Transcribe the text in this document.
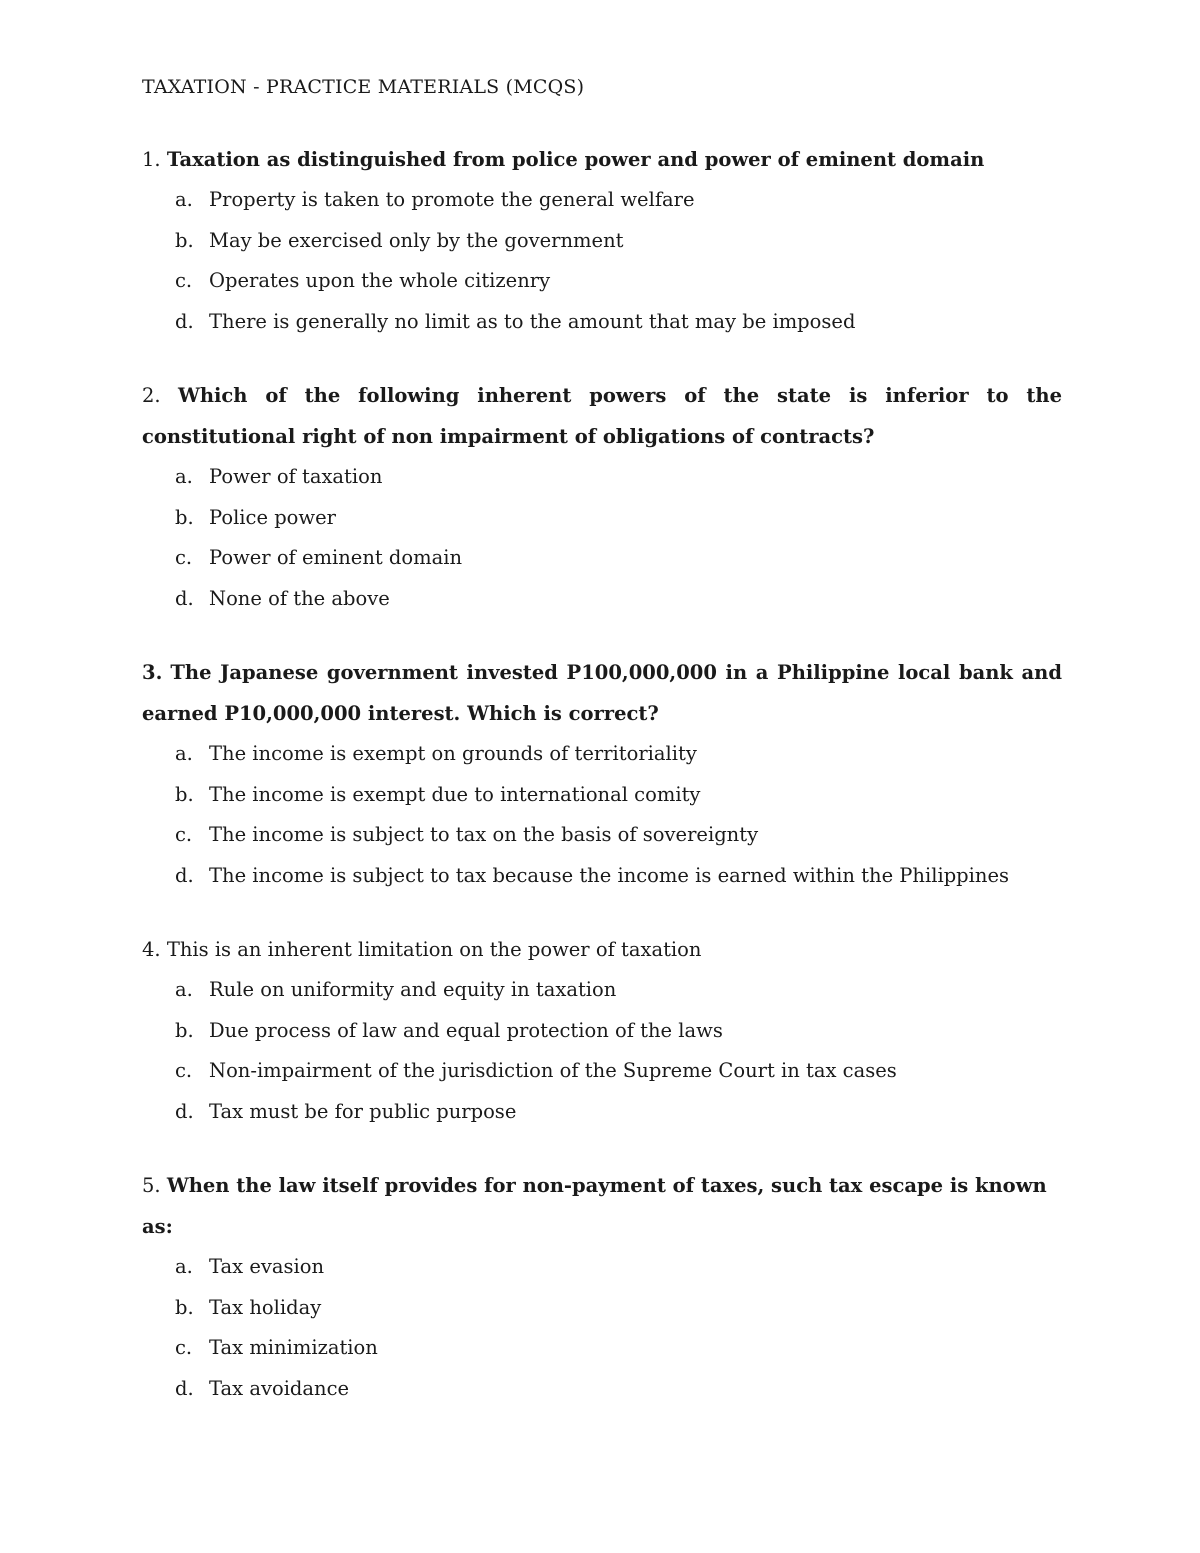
TAXATION - PRACTICE MATERIALS (MCQS)
1. Taxation as distinguished from police power and power of eminent domain
a. Property is taken to promote the general welfare
b. May be exercised only by the government
c. Operates upon the whole citizenry
d. There is generally no limit as to the amount that may be imposed
2. Which of the following inherent powers of the state is inferior to the constitutional right of non impairment of obligations of contracts?
a. Power of taxation
b. Police power
c. Power of eminent domain
d. None of the above
3. The Japanese government invested P100,000,000 in a Philippine local bank and earned P10,000,000 interest. Which is correct?
a. The income is exempt on grounds of territoriality
b. The income is exempt due to international comity
c. The income is subject to tax on the basis of sovereignty
d. The income is subject to tax because the income is earned within the Philippines
4. This is an inherent limitation on the power of taxation
a. Rule on uniformity and equity in taxation
b. Due process of law and equal protection of the laws
c. Non-impairment of the jurisdiction of the Supreme Court in tax cases
d. Tax must be for public purpose
5. When the law itself provides for non-payment of taxes, such tax escape is known as:
a. Tax evasion
b. Tax holiday
c. Tax minimization
d. Tax avoidance
